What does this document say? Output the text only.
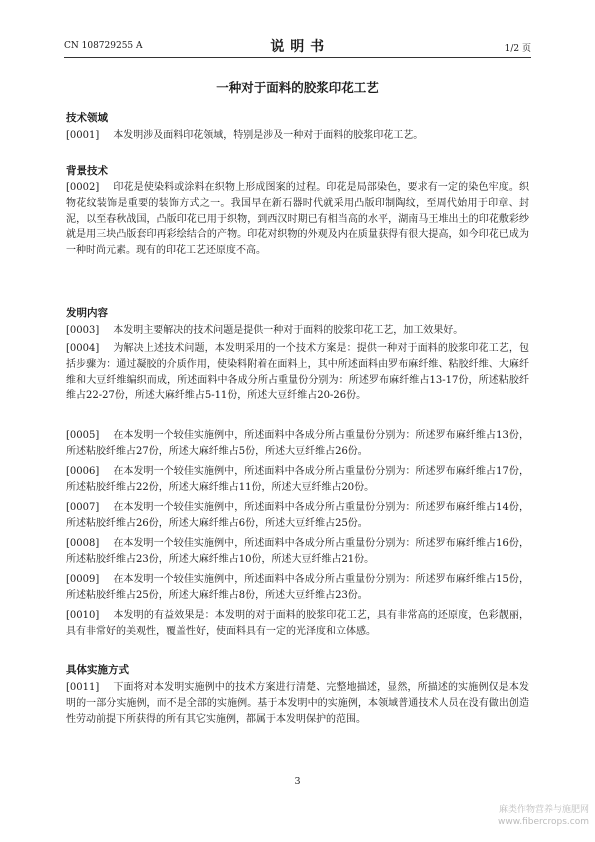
CN 108729255 A	说 明 书	1/2 页
一种对于面料的胶浆印花工艺
技术领域
[0001] 本发明涉及面料印花领域，特别是涉及一种对于面料的胶浆印花工艺。
背景技术
[0002] 印花是使染料或涂料在织物上形成图案的过程。印花是局部染色，要求有一定的染色牢度。织物花纹装饰是重要的装饰方式之一。我国早在新石器时代就采用凸版印制陶纹，至周代始用于印章、封泥，以至春秋战国，凸版印花已用于织物，到西汉时期已有相当高的水平，湖南马王堆出土的印花敷彩纱就是用三块凸版套印再彩绘结合的产物。印花对织物的外观及内在质量获得有很大提高，如今印花已成为一种时尚元素。现有的印花工艺还原度不高。
发明内容
[0003] 本发明主要解决的技术问题是提供一种对于面料的胶浆印花工艺，加工效果好。
[0004] 为解决上述技术问题，本发明采用的一个技术方案是：提供一种对于面料的胶浆印花工艺，包括步骤为：通过凝胶的介质作用，使染料附着在面料上，其中所述面料由罗布麻纤维、粘胶纤维、大麻纤维和大豆纤维编织而成，所述面料中各成分所占重量份分别为：所述罗布麻纤维占13-17份，所述粘胶纤维占22-27份，所述大麻纤维占5-11份，所述大豆纤维占20-26份。
[0005] 在本发明一个较佳实施例中，所述面料中各成分所占重量份分别为：所述罗布麻纤维占13份，所述粘胶纤维占27份，所述大麻纤维占5份，所述大豆纤维占26份。
[0006] 在本发明一个较佳实施例中，所述面料中各成分所占重量份分别为：所述罗布麻纤维占17份，所述粘胶纤维占22份，所述大麻纤维占11份，所述大豆纤维占20份。
[0007] 在本发明一个较佳实施例中，所述面料中各成分所占重量份分别为：所述罗布麻纤维占14份，所述粘胶纤维占26份，所述大麻纤维占6份，所述大豆纤维占25份。
[0008] 在本发明一个较佳实施例中，所述面料中各成分所占重量份分别为：所述罗布麻纤维占16份，所述粘胶纤维占23份，所述大麻纤维占10份，所述大豆纤维占21份。
[0009] 在本发明一个较佳实施例中，所述面料中各成分所占重量份分别为：所述罗布麻纤维占15份，所述粘胶纤维占25份，所述大麻纤维占8份，所述大豆纤维占23份。
[0010] 本发明的有益效果是：本发明的对于面料的胶浆印花工艺，具有非常高的还原度，色彩靓丽，具有非常好的美观性，覆盖性好，使面料具有一定的光泽度和立体感。
具体实施方式
[0011] 下面将对本发明实施例中的技术方案进行清楚、完整地描述，显然，所描述的实施例仅是本发明的一部分实施例，而不是全部的实施例。基于本发明中的实施例，本领域普通技术人员在没有做出创造性劳动前提下所获得的所有其它实施例，都属于本发明保护的范围。
3
麻类作物营养与施肥网
www.fibercrops.com
